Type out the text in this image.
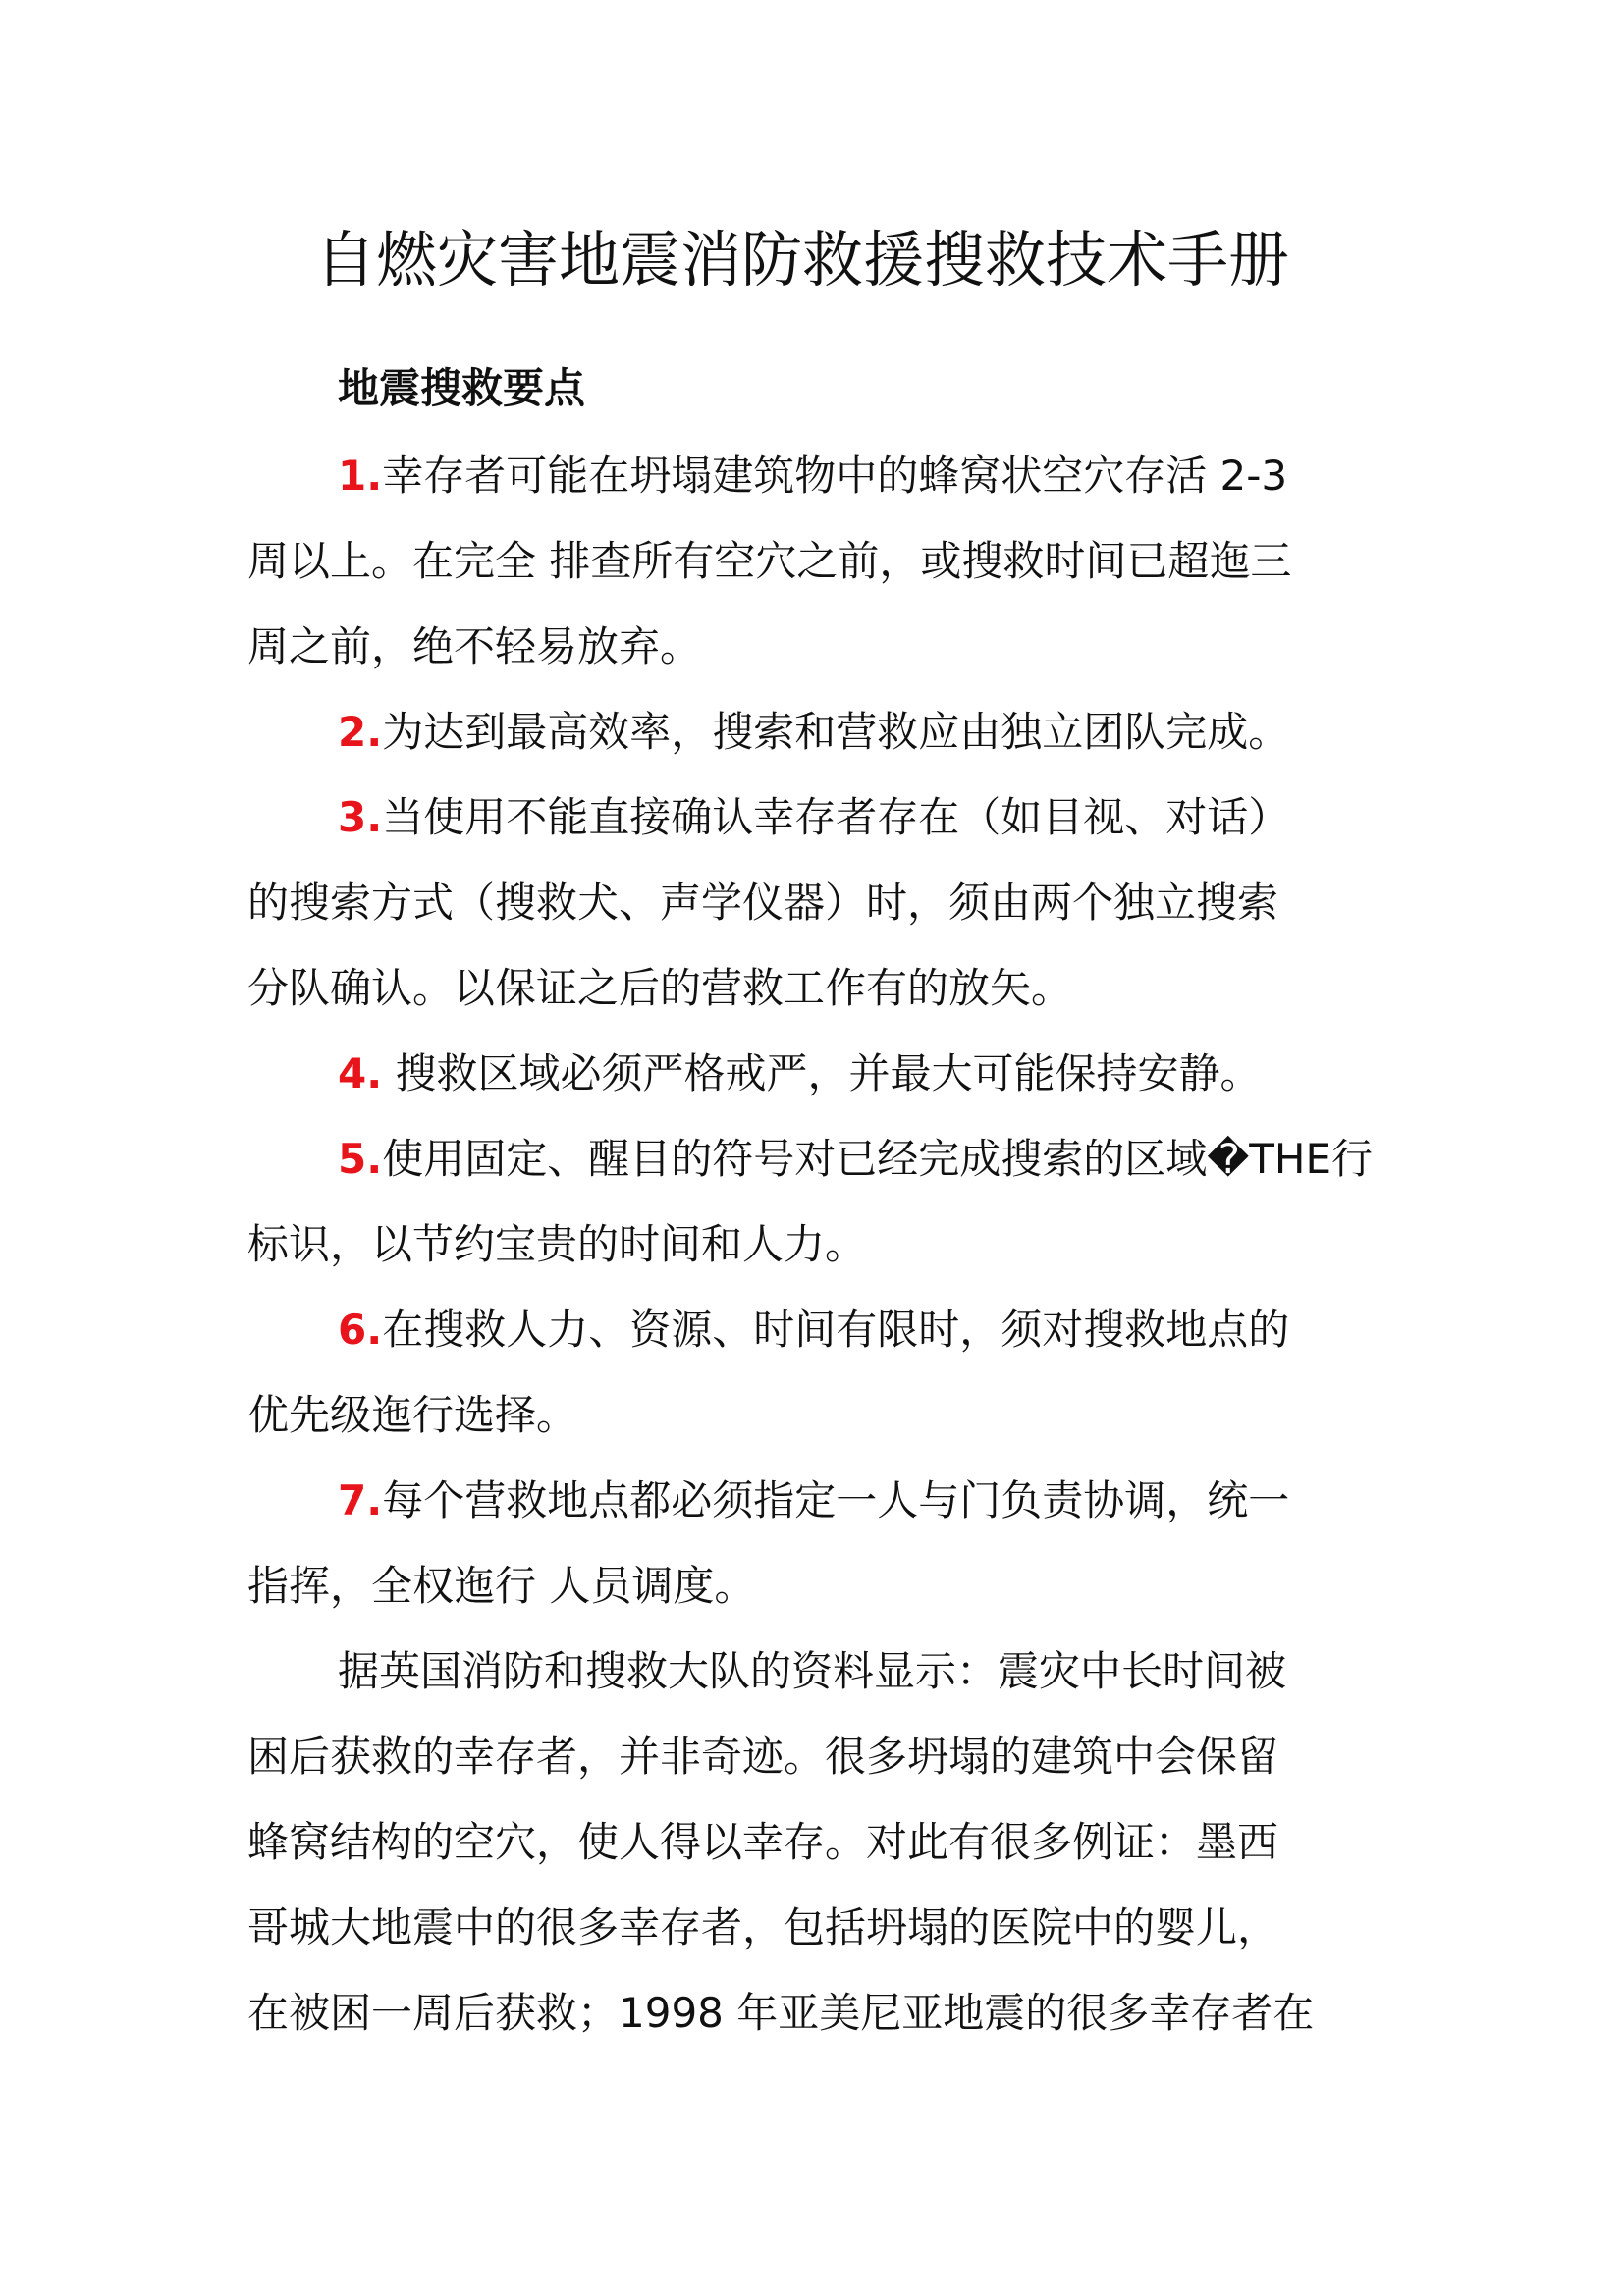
自燃灾害地震消防救援搜救技术手册

地震搜救要点

1.幸存者可能在坍塌建筑物中的蜂窝状空穴存活 2-3

周以上。在完全 排查所有空穴之前，或搜救时间已超迤三

周之前，绝不轻易放弃。

2.为达到最高效率，搜索和营救应由独立团队完成。

3.当使用不能直接确认幸存者存在（如目视、对话）

的搜索方式（搜救犬、声学仪器）时，须由两个独立搜索

分队确认。以保证之后的营救工作有的放矢。

4. 搜救区域必须严格戒严，并最大可能保持安静。

5.使用固定、醒目的符号对已经完成搜索的区域�THE行

标识，以节约宝贵的时间和人力。

6.在搜救人力、资源、时间有限时，须对搜救地点的

优先级迤行选择。

7.每个营救地点都必须指定一人与门负责协调，统一

指挥，全权迤行 人员调度。

据英国消防和搜救大队的资料显示：震灾中长时间被

困后获救的幸存者，并非奇迹。很多坍塌的建筑中会保留

蜂窝结构的空穴，使人得以幸存。对此有很多例证：墨西

哥城大地震中的很多幸存者，包括坍塌的医院中的婴儿，

在被困一周后获救；1998 年亚美尼亚地震的很多幸存者在
